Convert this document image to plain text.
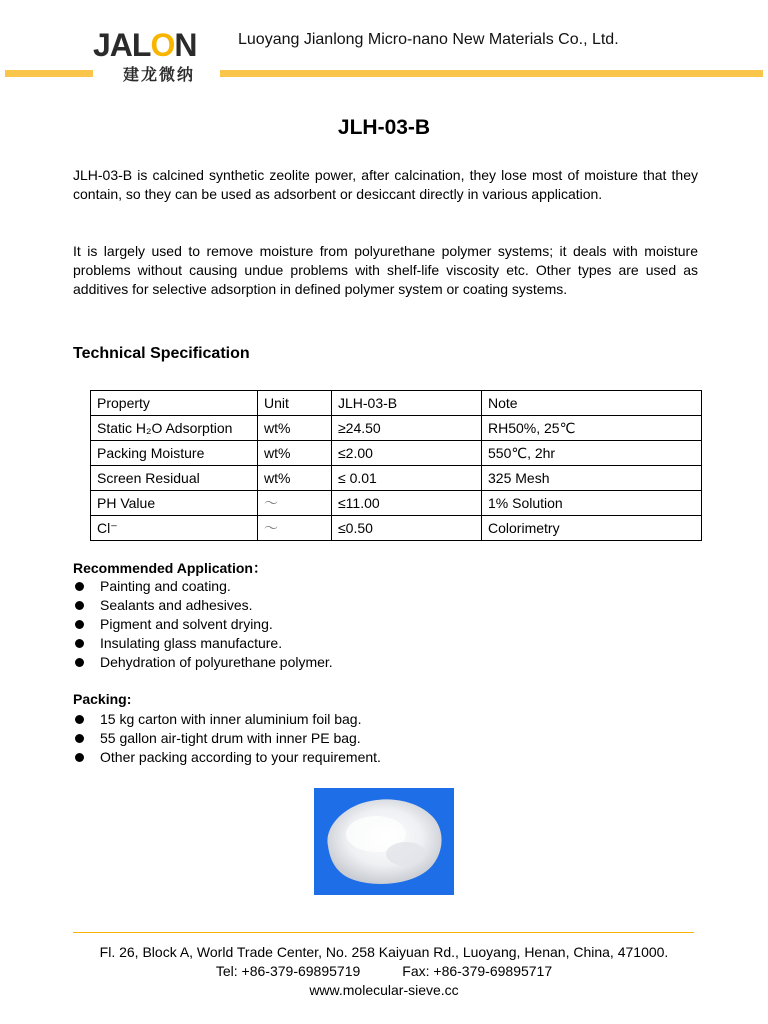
JALON
建龙微纳
Luoyang Jianlong Micro-nano New Materials Co., Ltd.
JLH-03-B
JLH-03-B is calcined synthetic zeolite power, after calcination, they lose most of moisture that they contain, so they can be used as adsorbent or desiccant directly in various application.
It is largely used to remove moisture from polyurethane polymer systems; it deals with moisture problems without causing undue problems with shelf-life viscosity etc. Other types are used as additives for selective adsorption in defined polymer system or coating systems.
Technical Specification
Property	Unit	JLH-03-B	Note
Static H₂O Adsorption	wt%	≥24.50	RH50%, 25℃
Packing Moisture	wt%	≤2.00	550℃, 2hr
Screen Residual	wt%	≤ 0.01	325 Mesh
PH Value	～	≤11.00	1% Solution
Cl⁻	～	≤0.50	Colorimetry
Recommended Application：
Painting and coating.
Sealants and adhesives.
Pigment and solvent drying.
Insulating glass manufacture.
Dehydration of polyurethane polymer.
Packing:
15 kg carton with inner aluminium foil bag.
55 gallon air-tight drum with inner PE bag.
Other packing according to your requirement.
Fl. 26, Block A, World Trade Center, No. 258 Kaiyuan Rd., Luoyang, Henan, China, 471000.
Tel: +86-379-69895719	Fax: +86-379-69895717
www.molecular-sieve.cc
